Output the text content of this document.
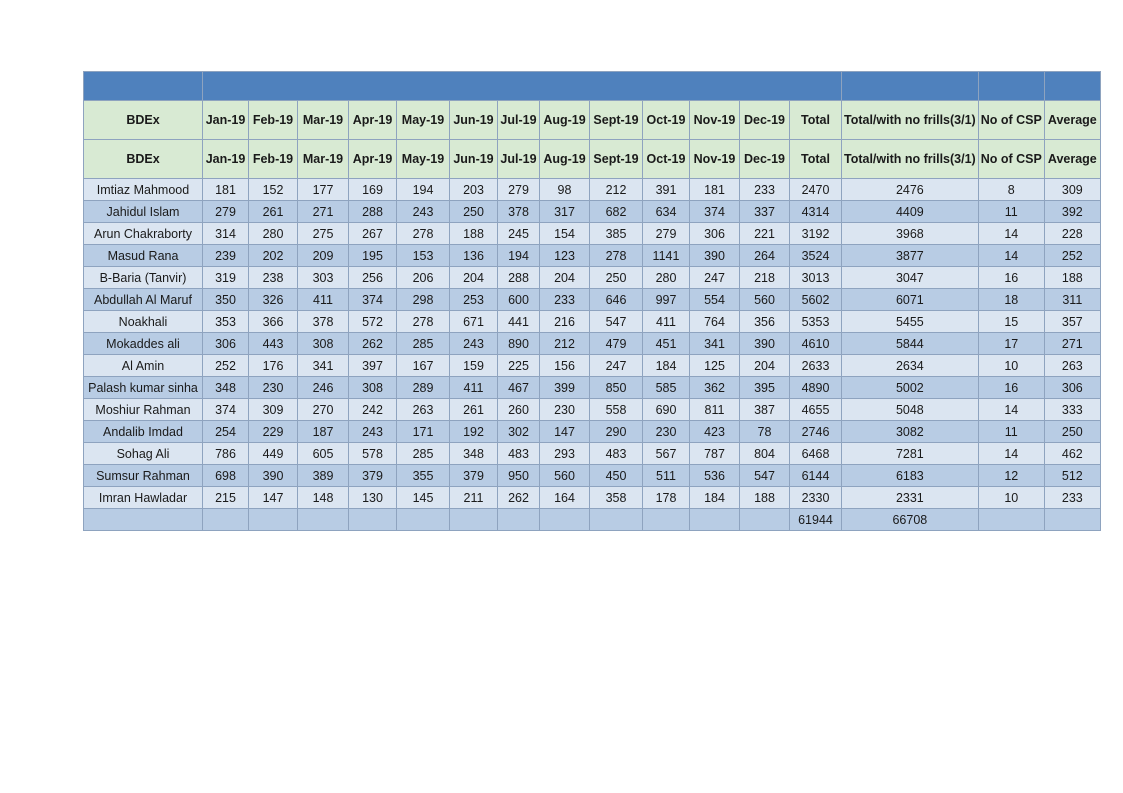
BDEx	Jan-19	Feb-19	Mar-19	Apr-19	May-19	Jun-19	Jul-19	Aug-19	Sept-19	Oct-19	Nov-19	Dec-19	Total	Total/with no frills(3/1)	No of CSP	Average
BDEx	Jan-19	Feb-19	Mar-19	Apr-19	May-19	Jun-19	Jul-19	Aug-19	Sept-19	Oct-19	Nov-19	Dec-19	Total	Total/with no frills(3/1)	No of CSP	Average
Imtiaz Mahmood	181	152	177	169	194	203	279	98	212	391	181	233	2470	2476	8	309
Jahidul Islam	279	261	271	288	243	250	378	317	682	634	374	337	4314	4409	11	392
Arun Chakraborty	314	280	275	267	278	188	245	154	385	279	306	221	3192	3968	14	228
Masud Rana	239	202	209	195	153	136	194	123	278	1141	390	264	3524	3877	14	252
B-Baria (Tanvir)	319	238	303	256	206	204	288	204	250	280	247	218	3013	3047	16	188
Abdullah Al Maruf	350	326	411	374	298	253	600	233	646	997	554	560	5602	6071	18	311
Noakhali	353	366	378	572	278	671	441	216	547	411	764	356	5353	5455	15	357
Mokaddes ali	306	443	308	262	285	243	890	212	479	451	341	390	4610	5844	17	271
Al Amin	252	176	341	397	167	159	225	156	247	184	125	204	2633	2634	10	263
Palash kumar sinha	348	230	246	308	289	411	467	399	850	585	362	395	4890	5002	16	306
Moshiur Rahman	374	309	270	242	263	261	260	230	558	690	811	387	4655	5048	14	333
Andalib Imdad	254	229	187	243	171	192	302	147	290	230	423	78	2746	3082	11	250
Sohag Ali	786	449	605	578	285	348	483	293	483	567	787	804	6468	7281	14	462
Sumsur Rahman	698	390	389	379	355	379	950	560	450	511	536	547	6144	6183	12	512
Imran Hawladar	215	147	148	130	145	211	262	164	358	178	184	188	2330	2331	10	233
													61944	66708		
